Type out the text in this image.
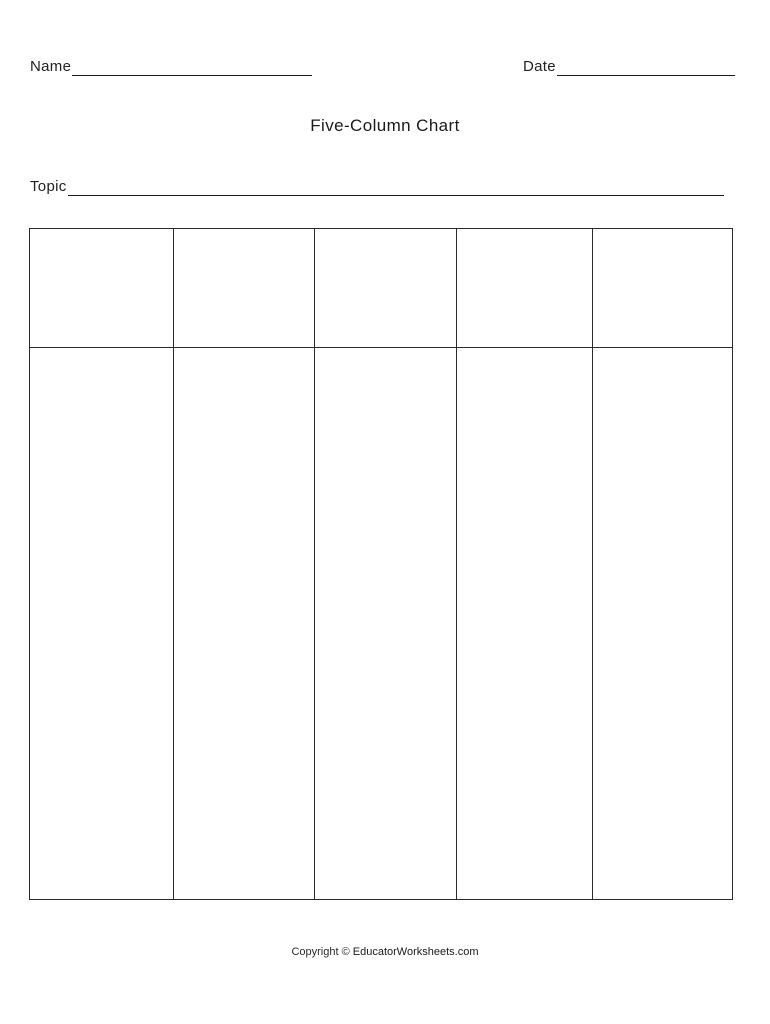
Name	Date
Five-Column Chart
Topic
Copyright © EducatorWorksheets.com
